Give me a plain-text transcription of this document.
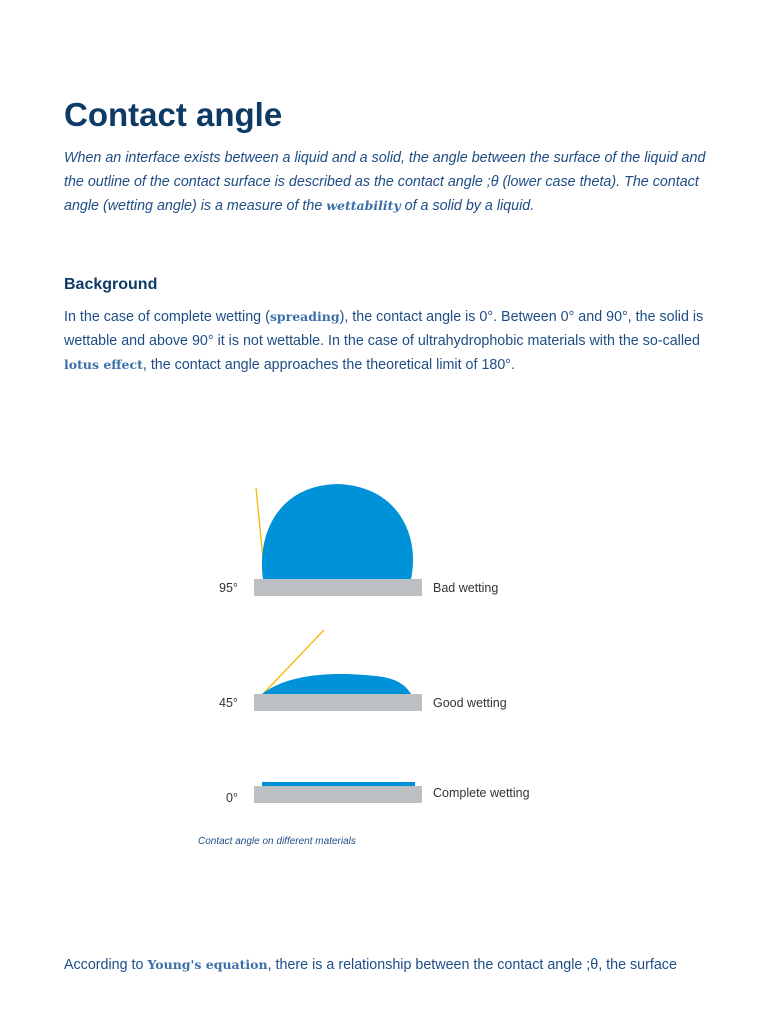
Contact angle

When an interface exists between a liquid and a solid, the angle between the surface of the liquid and the outline of the contact surface is described as the contact angle ;θ (lower case theta). The contact angle (wetting angle) is a measure of the wettability of a solid by a liquid.

Background

In the case of complete wetting (spreading), the contact angle is 0°. Between 0° and 90°, the solid is wettable and above 90° it is not wettable. In the case of ultrahydrophobic materials with the so-called lotus effect, the contact angle approaches the theoretical limit of 180°.

95°	Bad wetting
45°	Good wetting
0°	Complete wetting

Contact angle on different materials

According to Young's equation, there is a relationship between the contact angle ;θ, the surface
